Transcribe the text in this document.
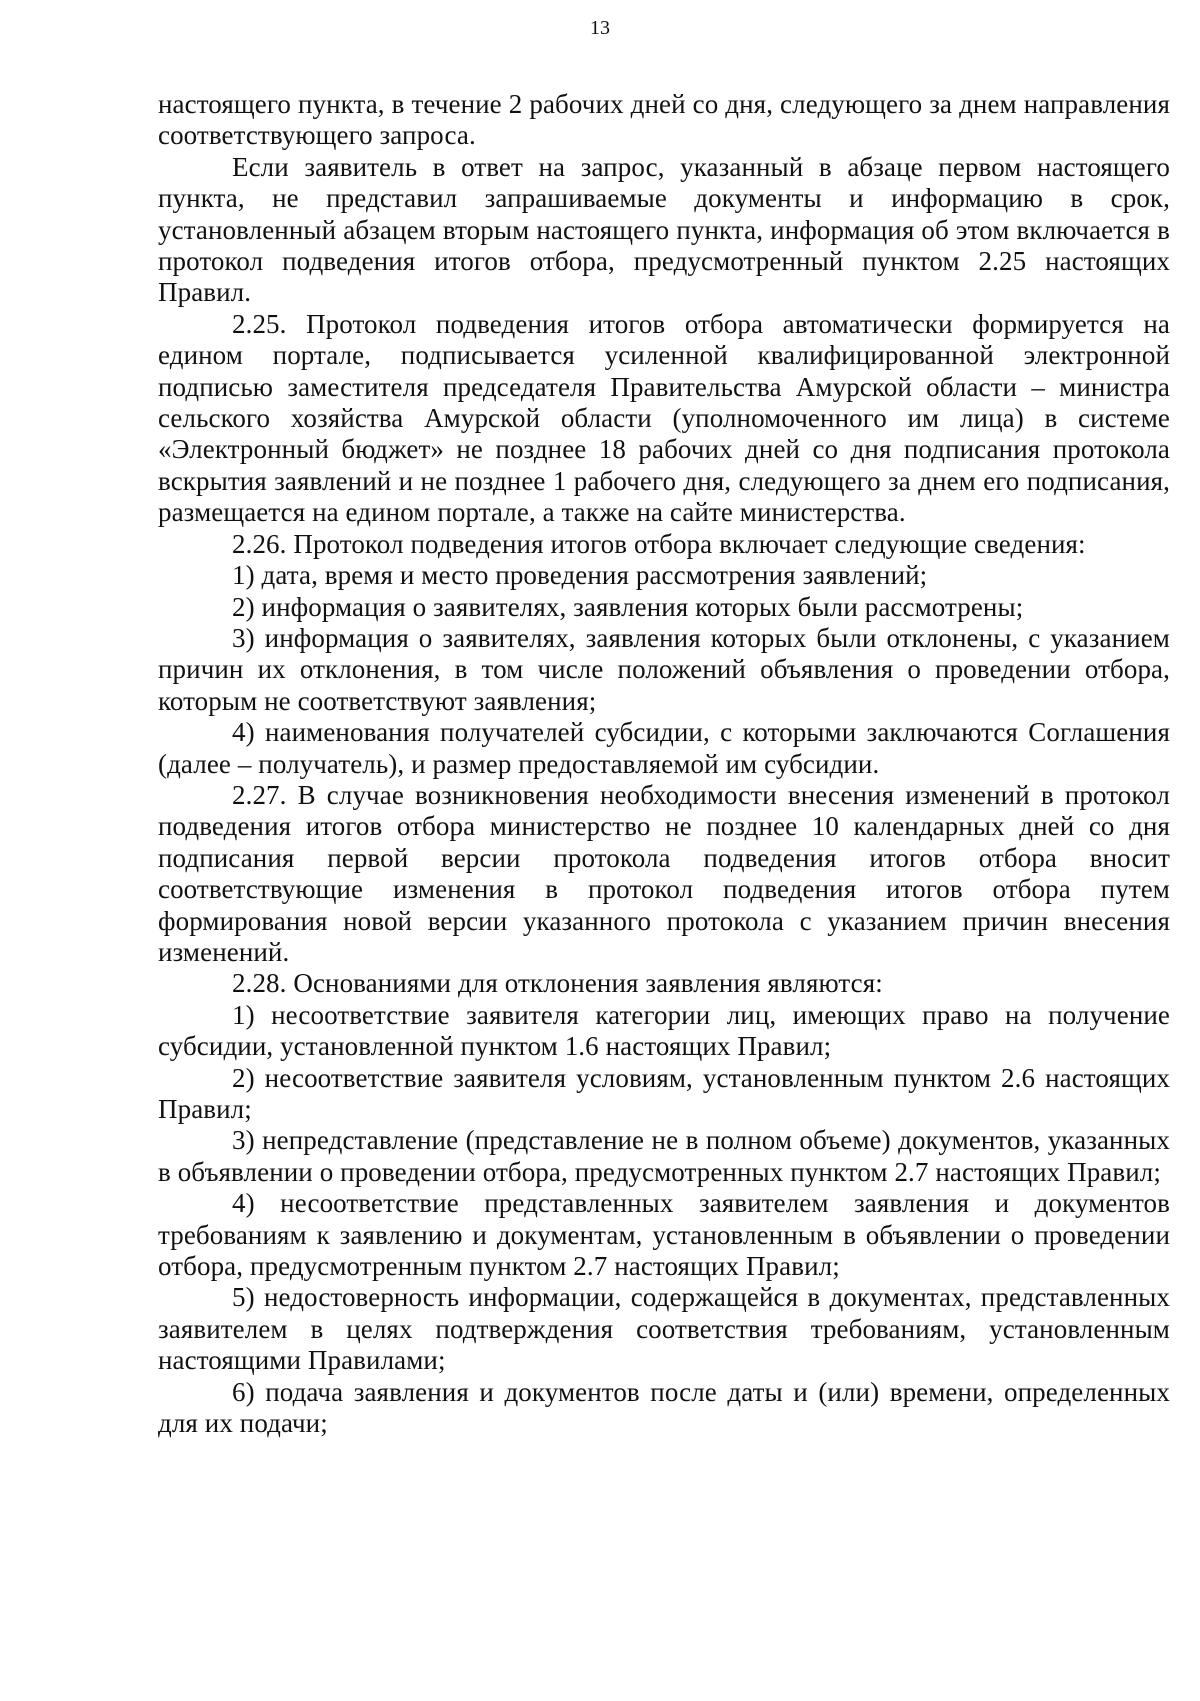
13

настоящего пункта, в течение 2 рабочих дней со дня, следующего за днем направления соответствующего запроса.

Если заявитель в ответ на запрос, указанный в абзаце первом настоящего пункта, не представил запрашиваемые документы и информацию в срок, установленный абзацем вторым настоящего пункта, информация об этом включается в протокол подведения итогов отбора, предусмотренный пунктом 2.25 настоящих Правил.

2.25. Протокол подведения итогов отбора автоматически формируется на едином портале, подписывается усиленной квалифицированной электронной подписью заместителя председателя Правительства Амурской области – министра сельского хозяйства Амурской области (уполномоченного им лица) в системе «Электронный бюджет» не позднее 18 рабочих дней со дня подписания протокола вскрытия заявлений и не позднее 1 рабочего дня, следующего за днем его подписания, размещается на едином портале, а также на сайте министерства.

2.26. Протокол подведения итогов отбора включает следующие сведения:

1) дата, время и место проведения рассмотрения заявлений;

2) информация о заявителях, заявления которых были рассмотрены;

3) информация о заявителях, заявления которых были отклонены, с указанием причин их отклонения, в том числе положений объявления о проведении отбора, которым не соответствуют заявления;

4) наименования получателей субсидии, с которыми заключаются Соглашения (далее – получатель), и размер предоставляемой им субсидии.

2.27. В случае возникновения необходимости внесения изменений в протокол подведения итогов отбора министерство не позднее 10 календарных дней со дня подписания первой версии протокола подведения итогов отбора вносит соответствующие изменения в протокол подведения итогов отбора путем формирования новой версии указанного протокола с указанием причин внесения изменений.

2.28. Основаниями для отклонения заявления являются:

1) несоответствие заявителя категории лиц, имеющих право на получение субсидии, установленной пунктом 1.6 настоящих Правил;

2) несоответствие заявителя условиям, установленным пунктом 2.6 настоящих Правил;

3) непредставление (представление не в полном объеме) документов, указанных в объявлении о проведении отбора, предусмотренных пунктом 2.7 настоящих Правил;

4) несоответствие представленных заявителем заявления и документов требованиям к заявлению и документам, установленным в объявлении о проведении отбора, предусмотренным пунктом 2.7 настоящих Правил;

5) недостоверность информации, содержащейся в документах, представленных заявителем в целях подтверждения соответствия требованиям, установленным настоящими Правилами;

6) подача заявления и документов после даты и (или) времени, определенных для их подачи;
